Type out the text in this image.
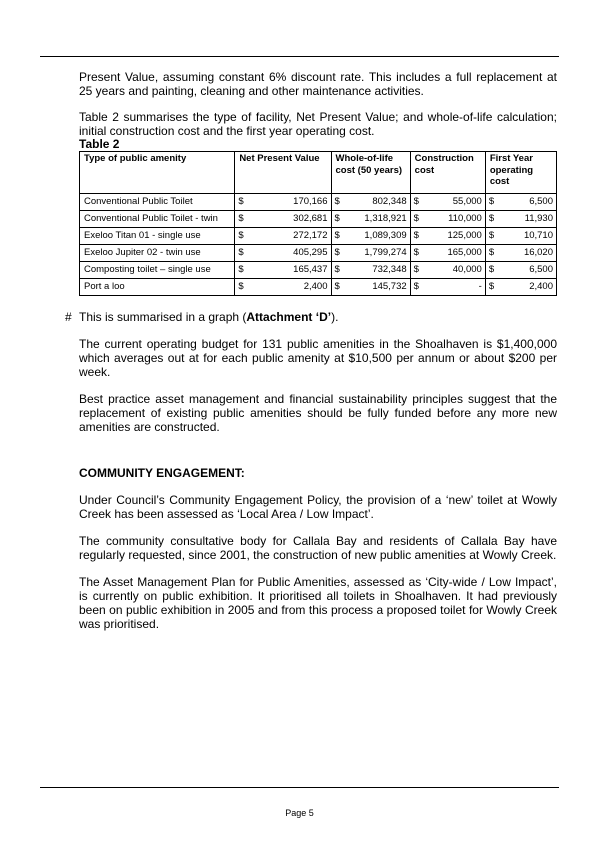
Present Value, assuming constant 6% discount rate. This includes a full replacement at 25 years and painting, cleaning and other maintenance activities.

Table 2 summarises the type of facility, Net Present Value; and whole-of-life calculation; initial construction cost and the first year operating cost.

Table 2
Type of public amenity	Net Present Value	Whole-of-life cost (50 years)	Construction cost	First Year operating cost
Conventional Public Toilet	$ 170,166	$ 802,348	$ 55,000	$ 6,500

Conventional Public Toilet - twin	$ 302,681	$ 1,318,921	$ 110,000	$ 11,930

Exeloo Titan 01 - single use	$ 272,172	$ 1,089,309	$ 125,000	$ 10,710

Exeloo Jupiter 02 - twin use	$ 405,295	$ 1,799,274	$ 165,000	$ 16,020

Composting toilet – single use	$ 165,437	$ 732,348	$ 40,000	$ 6,500

Port a loo	$ 2,400	$ 145,732	$ -	$ 2,400
# This is summarised in a graph (Attachment ‘D’).

The current operating budget for 131 public amenities in the Shoalhaven is $1,400,000 which averages out at for each public amenity at $10,500 per annum or about $200 per week.

Best practice asset management and financial sustainability principles suggest that the replacement of existing public amenities should be fully funded before any more new amenities are constructed.

COMMUNITY ENGAGEMENT:

Under Council’s Community Engagement Policy, the provision of a ‘new’ toilet at Wowly Creek has been assessed as ‘Local Area / Low Impact’.

The community consultative body for Callala Bay and residents of Callala Bay have regularly requested, since 2001, the construction of new public amenities at Wowly Creek.

The Asset Management Plan for Public Amenities, assessed as ‘City-wide / Low Impact’, is currently on public exhibition. It prioritised all toilets in Shoalhaven. It had previously been on public exhibition in 2005 and from this process a proposed toilet for Wowly Creek was prioritised.

Page 5
